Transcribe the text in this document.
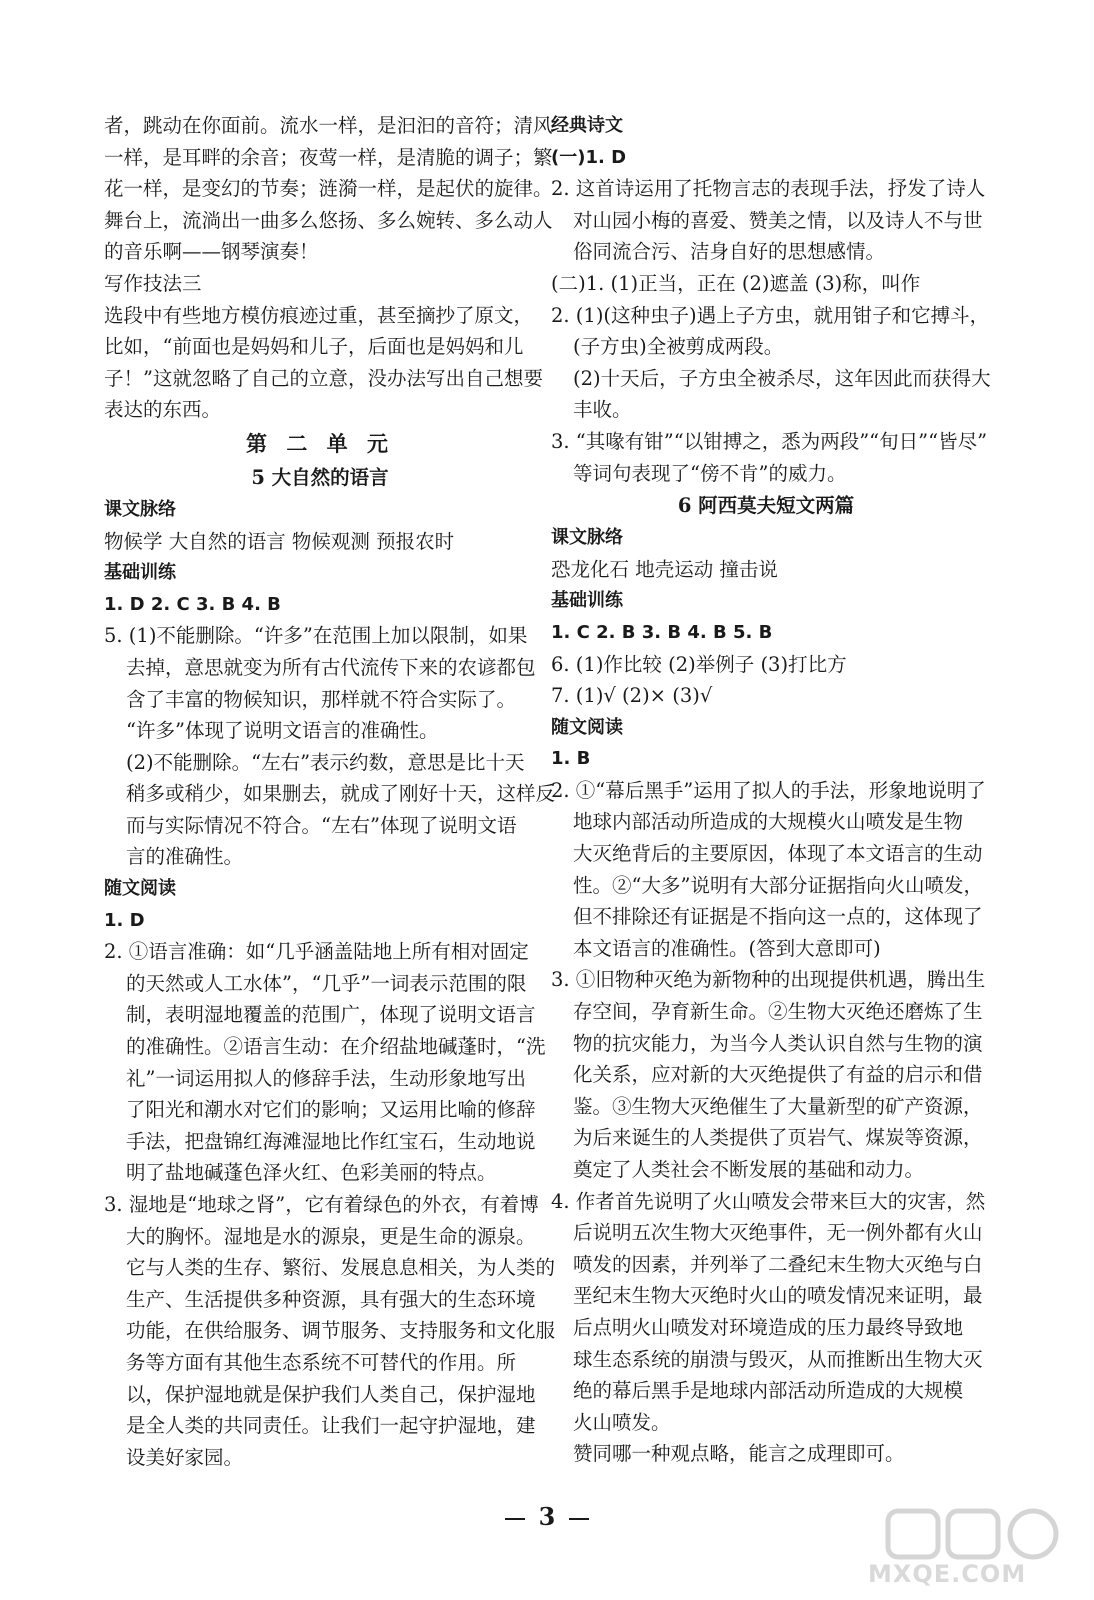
者，跳动在你面前。流水一样，是汩汩的音符；清风
一样，是耳畔的余音；夜莺一样，是清脆的调子；繁
花一样，是变幻的节奏；涟漪一样，是起伏的旋律。
舞台上，流淌出一曲多么悠扬、多么婉转、多么动人
的音乐啊——钢琴演奏！
写作技法三
选段中有些地方模仿痕迹过重，甚至摘抄了原文，
比如，“前面也是妈妈和儿子，后面也是妈妈和儿
子！”这就忽略了自己的立意，没办法写出自己想要
表达的东西。
第 二 单 元
5 大自然的语言
课文脉络
物候学 大自然的语言 物候观测 预报农时
基础训练
1. D 2. C 3. B 4. B
5. (1)不能删除。“许多”在范围上加以限制，如果
去掉，意思就变为所有古代流传下来的农谚都包
含了丰富的物候知识，那样就不符合实际了。
“许多”体现了说明文语言的准确性。
(2)不能删除。“左右”表示约数，意思是比十天
稍多或稍少，如果删去，就成了刚好十天，这样反
而与实际情况不符合。“左右”体现了说明文语
言的准确性。
随文阅读
1. D
2. ①语言准确：如“几乎涵盖陆地上所有相对固定
的天然或人工水体”，“几乎”一词表示范围的限
制，表明湿地覆盖的范围广，体现了说明文语言
的准确性。②语言生动：在介绍盐地碱蓬时，“洗
礼”一词运用拟人的修辞手法，生动形象地写出
了阳光和潮水对它们的影响；又运用比喻的修辞
手法，把盘锦红海滩湿地比作红宝石，生动地说
明了盐地碱蓬色泽火红、色彩美丽的特点。
3. 湿地是“地球之肾”，它有着绿色的外衣，有着博
大的胸怀。湿地是水的源泉，更是生命的源泉。
它与人类的生存、繁衍、发展息息相关，为人类的
生产、生活提供多种资源，具有强大的生态环境
功能，在供给服务、调节服务、支持服务和文化服
务等方面有其他生态系统不可替代的作用。所
以，保护湿地就是保护我们人类自己，保护湿地
是全人类的共同责任。让我们一起守护湿地，建
设美好家园。
经典诗文
(一)1. D
2. 这首诗运用了托物言志的表现手法，抒发了诗人
对山园小梅的喜爱、赞美之情，以及诗人不与世
俗同流合污、洁身自好的思想感情。
(二)1. (1)正当，正在 (2)遮盖 (3)称，叫作
2. (1)(这种虫子)遇上子方虫，就用钳子和它搏斗，
(子方虫)全被剪成两段。
(2)十天后，子方虫全被杀尽，这年因此而获得大
丰收。
3. “其喙有钳”“以钳搏之，悉为两段”“旬日”“皆尽”
等词句表现了“傍不肯”的威力。
6 阿西莫夫短文两篇
课文脉络
恐龙化石 地壳运动 撞击说
基础训练
1. C 2. B 3. B 4. B 5. B
6. (1)作比较 (2)举例子 (3)打比方
7. (1)√ (2)× (3)√
随文阅读
1. B
2. ①“幕后黑手”运用了拟人的手法，形象地说明了
地球内部活动所造成的大规模火山喷发是生物
大灭绝背后的主要原因，体现了本文语言的生动
性。②“大多”说明有大部分证据指向火山喷发，
但不排除还有证据是不指向这一点的，这体现了
本文语言的准确性。(答到大意即可)
3. ①旧物种灭绝为新物种的出现提供机遇，腾出生
存空间，孕育新生命。②生物大灭绝还磨炼了生
物的抗灾能力，为当今人类认识自然与生物的演
化关系，应对新的大灭绝提供了有益的启示和借
鉴。③生物大灭绝催生了大量新型的矿产资源，
为后来诞生的人类提供了页岩气、煤炭等资源，
奠定了人类社会不断发展的基础和动力。
4. 作者首先说明了火山喷发会带来巨大的灾害，然
后说明五次生物大灭绝事件，无一例外都有火山
喷发的因素，并列举了二叠纪末生物大灭绝与白
垩纪末生物大灭绝时火山的喷发情况来证明，最
后点明火山喷发对环境造成的压力最终导致地
球生态系统的崩溃与毁灭，从而推断出生物大灭
绝的幕后黑手是地球内部活动所造成的大规模
火山喷发。
赞同哪一种观点略，能言之成理即可。
3
MXQE.COM
